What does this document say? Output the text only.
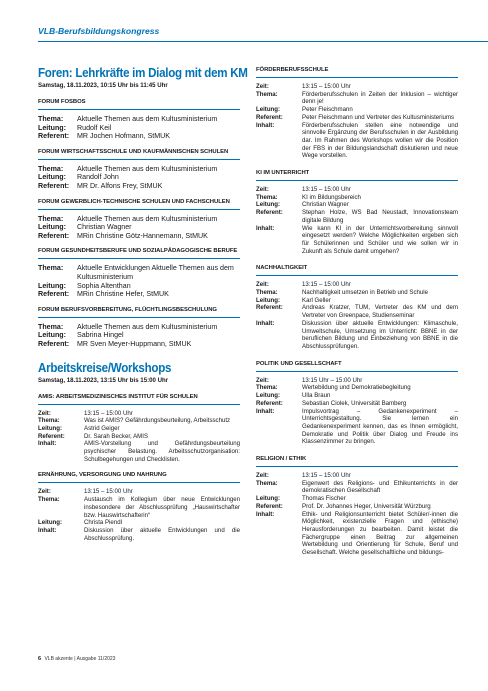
VLB-Berufsbildungskongress
Foren: Lehrkräfte im Dialog mit dem KM
Samstag, 18.11.2023, 10:15 Uhr bis 11:45 Uhr
FORUM FOSBOS
Thema:	Aktuelle Themen aus dem Kultusministerium
Leitung:	Rudolf Keil
Referent:	MR Jochen Hofmann, StMUK
FORUM WIRTSCHAFTSSCHULE UND KAUFMÄNNISCHEN SCHULEN
Thema:	Aktuelle Themen aus dem Kultusministerium
Leitung:	Randolf John
Referent:	MR Dr. Alfons Frey, StMUK
FORUM GEWERBLICH-TECHNISCHE SCHULEN UND FACHSCHULEN
Thema:	Aktuelle Themen aus dem Kultusministerium
Leitung:	Christian Wagner
Referent:	MRin Christine Götz-Hannemann, StMUK
FORUM GESUNDHEITSBERUFE UND SOZIALPÄDAGOGISCHE BERUFE
Thema:	Aktuelle Entwicklungen Aktuelle Themen aus dem Kultusministerium
Leitung:	Sophia Altenthan
Referent:	MRin Christine Hefer, StMUK
FORUM BERUFSVORBEREITUNG, FLÜCHTLINGSBESCHULUNG
Thema:	Aktuelle Themen aus dem Kultusministerium
Leitung:	Sabrina Hingel
Referent:	MR Sven Meyer-Huppmann, StMUK
Arbeitskreise/Workshops
Samstag, 18.11.2023, 13:15 Uhr bis 15:00 Uhr
AMIS: ARBEITSMEDIZINISCHES INSTITUT FÜR SCHULEN
Zeit:	13:15 – 15:00 Uhr
Thema:	Was ist AMIS? Gefährdungsbeurteilung, Arbeitsschutz
Leitung:	Astrid Geiger
Referent:	Dr. Sarah Becker, AMIS
Inhalt:	AMIS-Vorstellung und Gefährdungsbeurteilung psychischer Belastung. Arbeitsschutzorganisation: Schulbegehungen und Checklisten.
ERNÄHRUNG, VERSORGUNG UND NAHRUNG
Zeit:	13:15 – 15:00 Uhr
Thema:	Austausch im Kollegium über neue Entwicklungen insbesondere der Abschlussprüfung „Hauswirtschafter bzw. Hauswirtschafterin“
Leitung:	Christa Piendl
Inhalt:	Diskussion über aktuelle Entwicklungen und die Abschlussprüfung.
FÖRDERBERUFSSCHULE
Zeit:	13:15 – 15:00 Uhr
Thema:	Förderberufsschulen in Zeiten der Inklusion – wichtiger denn je!
Leitung:	Peter Fleischmann
Referent:	Peter Fleischmann und Vertreter des Kultusministeriums
Inhalt:	Förderberufsschulen stellen eine notwendige und sinnvolle Ergänzung der Berufsschulen in der Ausbildung dar. Im Rahmen des Workshops wollen wir die Position der FBS in der Bildungslandschaft diskutieren und neue Wege vorstellen.
KI IM UNTERRICHT
Zeit:	13:15 – 15:00 Uhr
Thema:	KI im Bildungsbereich
Leitung:	Christian Wagner
Referent:	Stephan Holze, WS Bad Neustadt, Innovationsteam digitale Bildung
Inhalt:	Wie kann KI in der Unterrichtsvorbereitung sinnvoll eingesetzt werden? Welche Möglichkeiten ergeben sich für Schülerinnen und Schüler und wie sollen wir in Zukunft als Schule damit umgehen?
NACHHALTIGKEIT
Zeit:	13:15 – 15:00 Uhr
Thema:	Nachhaltigkeit umsetzen in Betrieb und Schule
Leitung:	Karl Geller
Referent:	Andreas Kratzer, TUM, Vertreter des KM und dem Vertreter von Greenpace, Studienseminar
Inhalt:	Diskussion über aktuelle Entwicklungen: Klimaschule, Umweltschule, Umsetzung im Unterricht: BBNE in der beruflichen Bildung und Einbeziehung von BBNE in die Abschlussprüfungen.
POLITIK UND GESELLSCHAFT
Zeit:	13:15 Uhr – 15:00 Uhr
Thema:	Wertebildung und Demokratiebegleitung
Leitung:	Ulla Braun
Referent:	Sebastian Ciolek, Universität Bamberg
Inhalt:	Impulsvortrag – Gedankenexperiment – Unterrichtsgestaltung. Sie lernen ein Gedankenexperiment kennen, das es Ihnen ermöglicht, Demokratie und Politik über Dialog und Freude ins Klassenzimmer zu bringen.
RELIGION / ETHIK
Zeit:	13:15 – 15:00 Uhr
Thema:	Eigenwert des Religions- und Ethikunterrichts in der demokratischen Gesellschaft
Leitung:	Thomas Fischer
Referent:	Prof. Dr. Johannes Heger, Universität Würzburg
Inhalt:	Ethik- und Religionsunterricht bietet Schüler/-innen die Möglichkeit, existenzielle Fragen und (ethische) Herausforderungen zu bearbeiten. Damit leistet die Fächergruppe einen Beitrag zur allgemeinen Wertebildung und Orientierung für Schule, Beruf und Gesellschaft. Welche gesellschaftliche und bildungs-
6 VLB akzente | Ausgabe 11/2023
